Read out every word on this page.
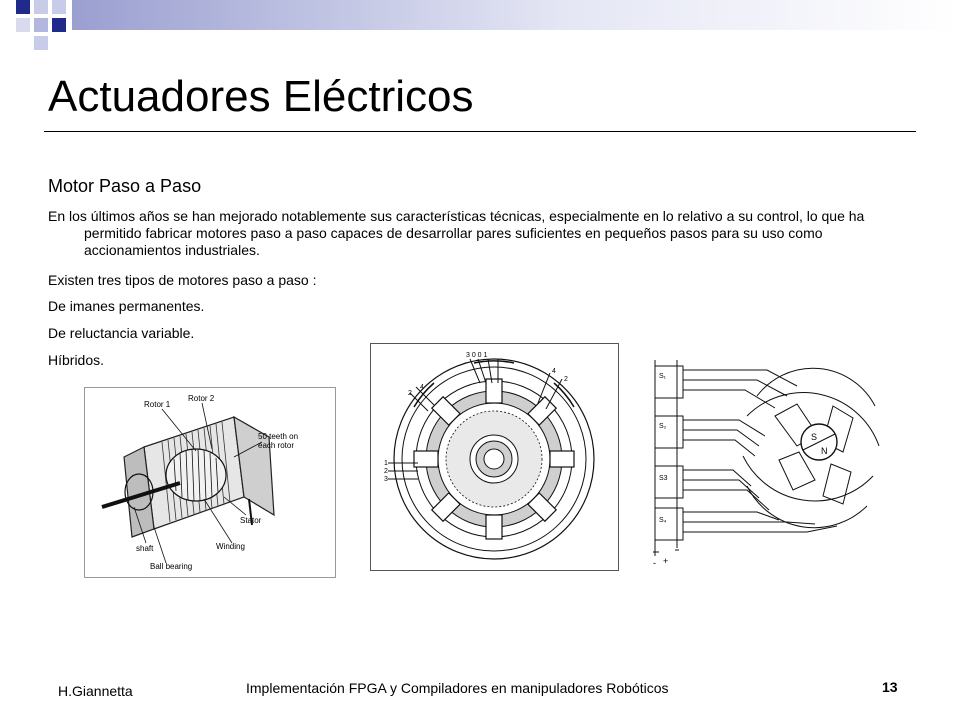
Actuadores Eléctricos
Motor Paso a Paso
En los últimos años se han mejorado notablemente sus características técnicas, especialmente en lo relativo a su control, lo que ha permitido fabricar motores paso a paso capaces de desarrollar pares suficientes en pequeños pasos para su uso como accionamientos industriales.
Existen tres tipos de motores paso a paso :
De imanes permanentes.
De reluctancia variable.
Híbridos.
Rotor 1
Rotor 2
50 teeth on
each rotor
shaft
Stator
Winding
Ball bearing
3 0 0 1
4
2
2
4
1
2
3
S
N
S₁
S₂
S3
S₄
- +
H.Giannetta	Implementación FPGA y Compiladores en manipuladores Robóticos	13
